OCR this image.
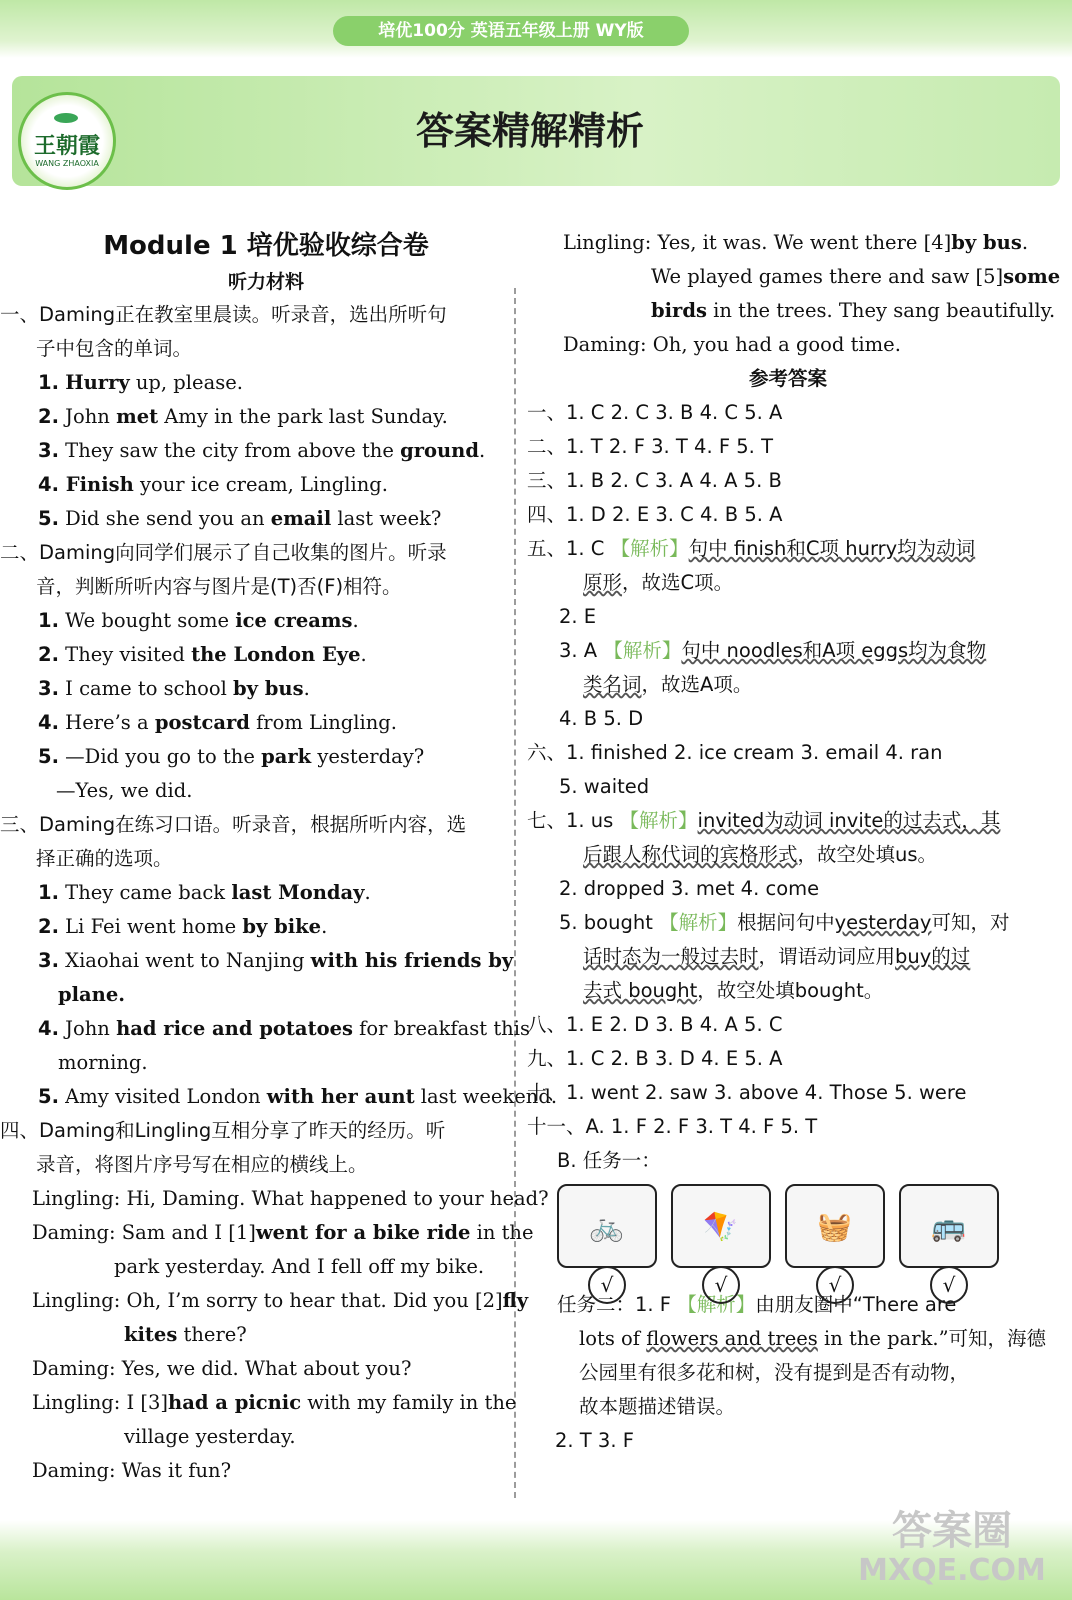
培优100分 英语五年级上册 WY版
王朝霞
WANG ZHAOXIA
答案精解精析
Module 1 培优验收综合卷
听力材料
一、Daming正在教室里晨读。听录音，选出所听句
子中包含的单词。
1. Hurry up, please.
2. John met Amy in the park last Sunday.
3. They saw the city from above the ground.
4. Finish your ice cream, Lingling.
5. Did she send you an email last week?
二、Daming向同学们展示了自己收集的图片。听录
音，判断所听内容与图片是(T)否(F)相符。
1. We bought some ice creams.
2. They visited the London Eye.
3. I came to school by bus.
4. Here’s a postcard from Lingling.
5. —Did you go to the park yesterday?
—Yes, we did.
三、Daming在练习口语。听录音，根据所听内容，选
择正确的选项。
1. They came back last Monday.
2. Li Fei went home by bike.
3. Xiaohai went to Nanjing with his friends by
plane.
4. John had rice and potatoes for breakfast this
morning.
5. Amy visited London with her aunt last weekend.
四、Daming和Lingling互相分享了昨天的经历。听
录音，将图片序号写在相应的横线上。
Lingling: Hi, Daming. What happened to your head?
Daming: Sam and I [1]went for a bike ride in the
park yesterday. And I fell off my bike.
Lingling: Oh, I’m sorry to hear that. Did you [2]fly
kites there?
Daming: Yes, we did. What about you?
Lingling: I [3]had a picnic with my family in the
village yesterday.
Daming: Was it fun?
Lingling: Yes, it was. We went there [4]by bus.
We played games there and saw [5]some
birds in the trees. They sang beautifully.
Daming: Oh, you had a good time.
参考答案
一、1. C 2. C 3. B 4. C 5. A
二、1. T 2. F 3. T 4. F 5. T
三、1. B 2. C 3. A 4. A 5. B
四、1. D 2. E 3. C 4. B 5. A
五、1. C 【解析】句中 finish和C项 hurry均为动词
原形，故选C项。
2. E
3. A 【解析】句中 noodles和A项 eggs均为食物
类名词，故选A项。
4. B 5. D
六、1. finished 2. ice cream 3. email 4. ran
5. waited
七、1. us 【解析】invited为动词 invite的过去式，其
后跟人称代词的宾格形式，故空处填us。
2. dropped 3. met 4. come
5. bought 【解析】根据问句中yesterday可知，对
话时态为一般过去时，谓语动词应用buy的过
去式 bought，故空处填bought。
八、1. E 2. D 3. B 4. A 5. C
九、1. C 2. B 3. D 4. E 5. A
十、1. went 2. saw 3. above 4. Those 5. were
十一、A. 1. F 2. F 3. T 4. F 5. T
B. 任务一：
🚲	🪁	🧺	🚌
√	√	√	√
任务二：1. F 【解析】由朋友圈中“There are
lots of flowers and trees in the park.”可知，海德
公园里有很多花和树，没有提到是否有动物，
故本题描述错误。
2. T 3. F
答案圈
MXQE.COM
